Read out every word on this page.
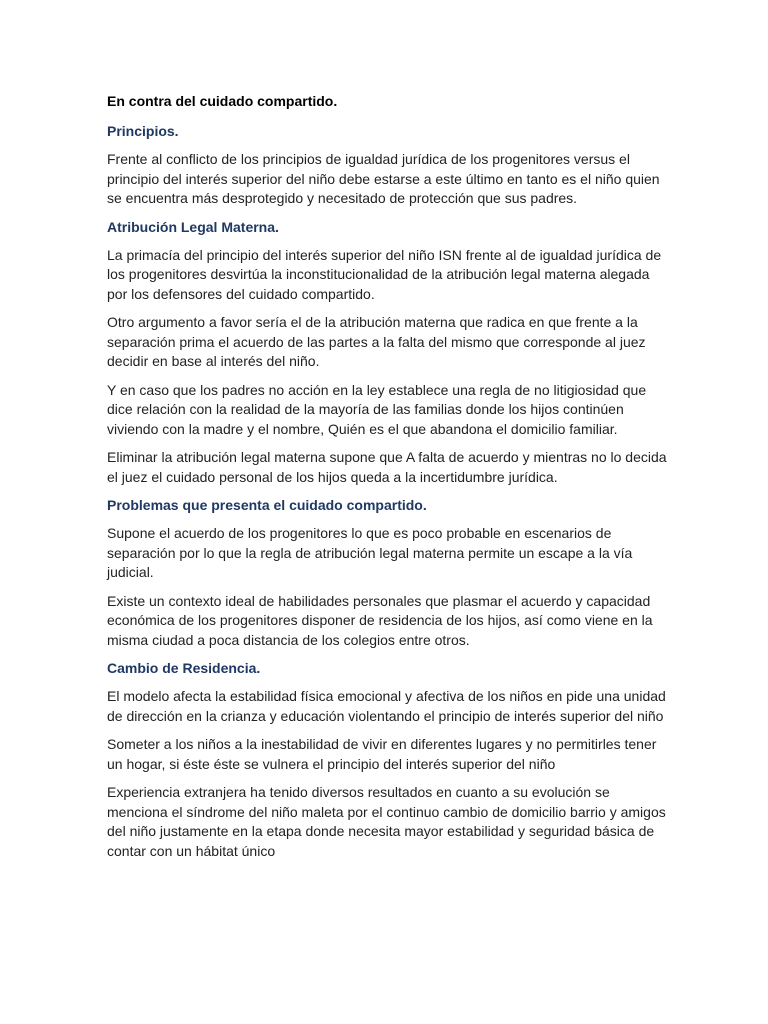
En contra del cuidado compartido.
Principios.
Frente al conflicto de los principios de igualdad jurídica de los progenitores versus el principio del interés superior del niño debe estarse a este último en tanto es el niño quien se encuentra más desprotegido y necesitado de protección que sus padres.
Atribución Legal Materna.
La primacía del principio del interés superior del niño ISN frente al de igualdad jurídica de los progenitores desvirtúa la inconstitucionalidad de la atribución legal materna alegada por los defensores del cuidado compartido.
Otro argumento a favor sería el de la atribución materna que radica en que frente a la separación prima el acuerdo de las partes a la falta del mismo que corresponde al juez decidir en base al interés del niño.
Y en caso que los padres no acción en la ley establece una regla de no litigiosidad que dice relación con la realidad de la mayoría de las familias donde los hijos continúen viviendo con la madre y el nombre, Quién es el que abandona el domicilio familiar.
Eliminar la atribución legal materna supone que A falta de acuerdo y mientras no lo decida el juez el cuidado personal de los hijos queda a la incertidumbre jurídica.
Problemas que presenta el cuidado compartido.
Supone el acuerdo de los progenitores lo que es poco probable en escenarios de separación por lo que la regla de atribución legal materna permite un escape a la vía judicial.
Existe un contexto ideal de habilidades personales que plasmar el acuerdo y capacidad económica de los progenitores disponer de residencia de los hijos, así como viene en la misma ciudad a poca distancia de los colegios entre otros.
Cambio de Residencia.
El modelo afecta la estabilidad física emocional y afectiva de los niños en pide una unidad de dirección en la crianza y educación violentando el principio de interés superior del niño
Someter a los niños a la inestabilidad de vivir en diferentes lugares y no permitirles tener un hogar, si éste éste se vulnera el principio del interés superior del niño
Experiencia extranjera ha tenido diversos resultados en cuanto a su evolución se menciona el síndrome del niño maleta por el continuo cambio de domicilio barrio y amigos del niño justamente en la etapa donde necesita mayor estabilidad y seguridad básica de contar con un hábitat único
